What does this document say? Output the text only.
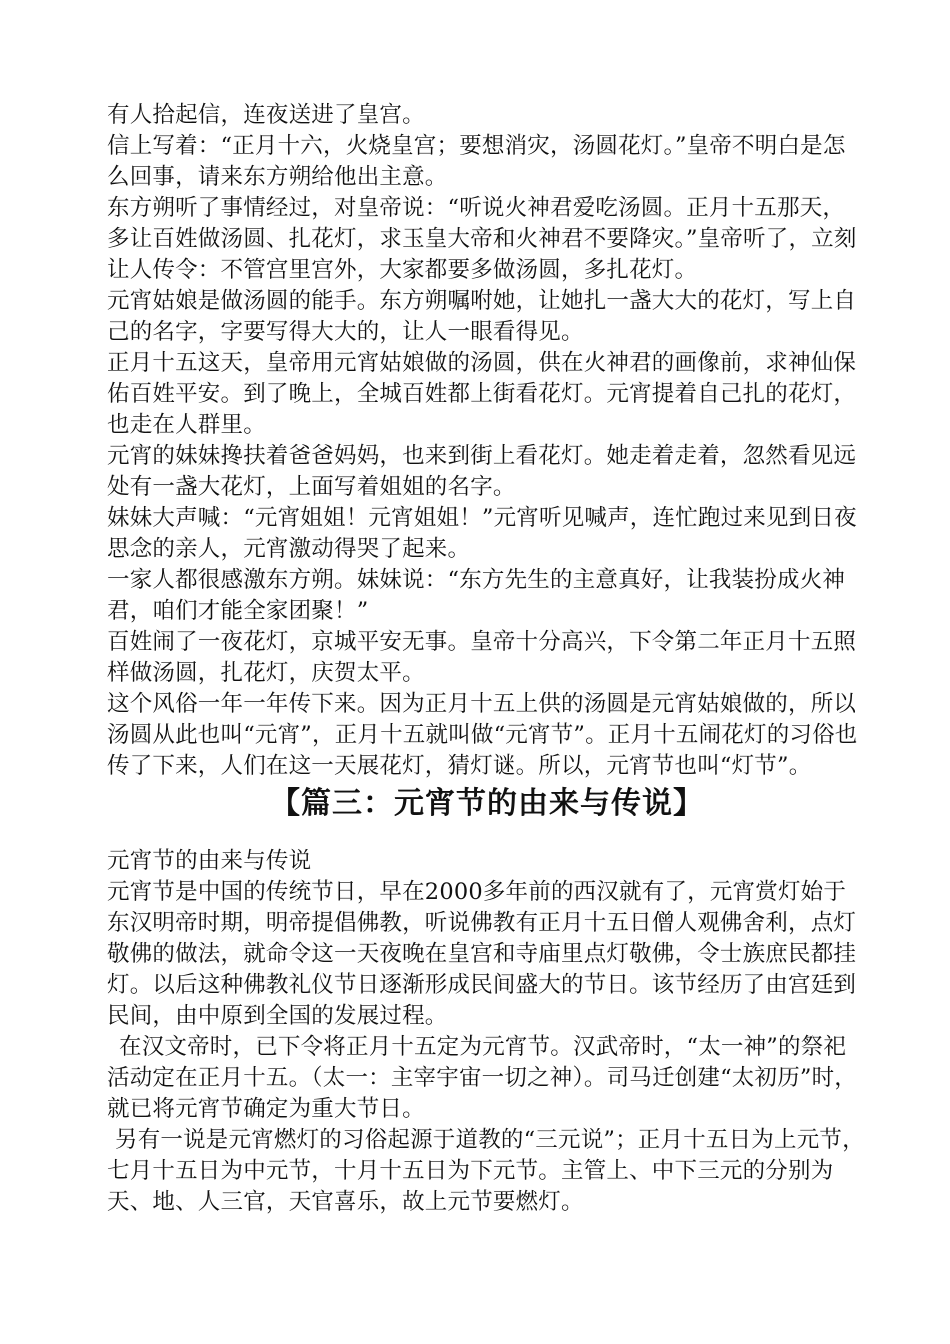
有人拾起信，连夜送进了皇宫。

信上写着：“正月十六，火烧皇宫；要想消灾，汤圆花灯。”皇帝不明白是怎么回事，请来东方朔给他出主意。

东方朔听了事情经过，对皇帝说：“听说火神君爱吃汤圆。正月十五那天，多让百姓做汤圆、扎花灯，求玉皇大帝和火神君不要降灾。”皇帝听了，立刻让人传令：不管宫里宫外，大家都要多做汤圆，多扎花灯。

元宵姑娘是做汤圆的能手。东方朔嘱咐她，让她扎一盏大大的花灯，写上自己的名字，字要写得大大的，让人一眼看得见。

正月十五这天，皇帝用元宵姑娘做的汤圆，供在火神君的画像前，求神仙保佑百姓平安。到了晚上，全城百姓都上街看花灯。元宵提着自己扎的花灯，也走在人群里。

元宵的妹妹搀扶着爸爸妈妈，也来到街上看花灯。她走着走着，忽然看见远处有一盏大花灯，上面写着姐姐的名字。

妹妹大声喊：“元宵姐姐！元宵姐姐！”元宵听见喊声，连忙跑过来见到日夜思念的亲人，元宵激动得哭了起来。

一家人都很感激东方朔。妹妹说：“东方先生的主意真好，让我装扮成火神君，咱们才能全家团聚！”

百姓闹了一夜花灯，京城平安无事。皇帝十分高兴，下令第二年正月十五照样做汤圆，扎花灯，庆贺太平。

这个风俗一年一年传下来。因为正月十五上供的汤圆是元宵姑娘做的，所以汤圆从此也叫“元宵”，正月十五就叫做“元宵节”。正月十五闹花灯的习俗也传了下来，人们在这一天展花灯，猜灯谜。所以，元宵节也叫“灯节”。

【篇三：元宵节的由来与传说】

元宵节的由来与传说

元宵节是中国的传统节日，早在2000多年前的西汉就有了，元宵赏灯始于东汉明帝时期，明帝提倡佛教，听说佛教有正月十五日僧人观佛舍利，点灯敬佛的做法，就命令这一天夜晚在皇宫和寺庙里点灯敬佛，令士族庶民都挂灯。以后这种佛教礼仪节日逐渐形成民间盛大的节日。该节经历了由宫廷到民间，由中原到全国的发展过程。

在汉文帝时，已下令将正月十五定为元宵节。汉武帝时，“太一神”的祭祀活动定在正月十五。（太一：主宰宇宙一切之神）。司马迁创建“太初历”时，就已将元宵节确定为重大节日。

另有一说是元宵燃灯的习俗起源于道教的“三元说”；正月十五日为上元节，七月十五日为中元节，十月十五日为下元节。主管上、中下三元的分别为天、地、人三官，天官喜乐，故上元节要燃灯。
